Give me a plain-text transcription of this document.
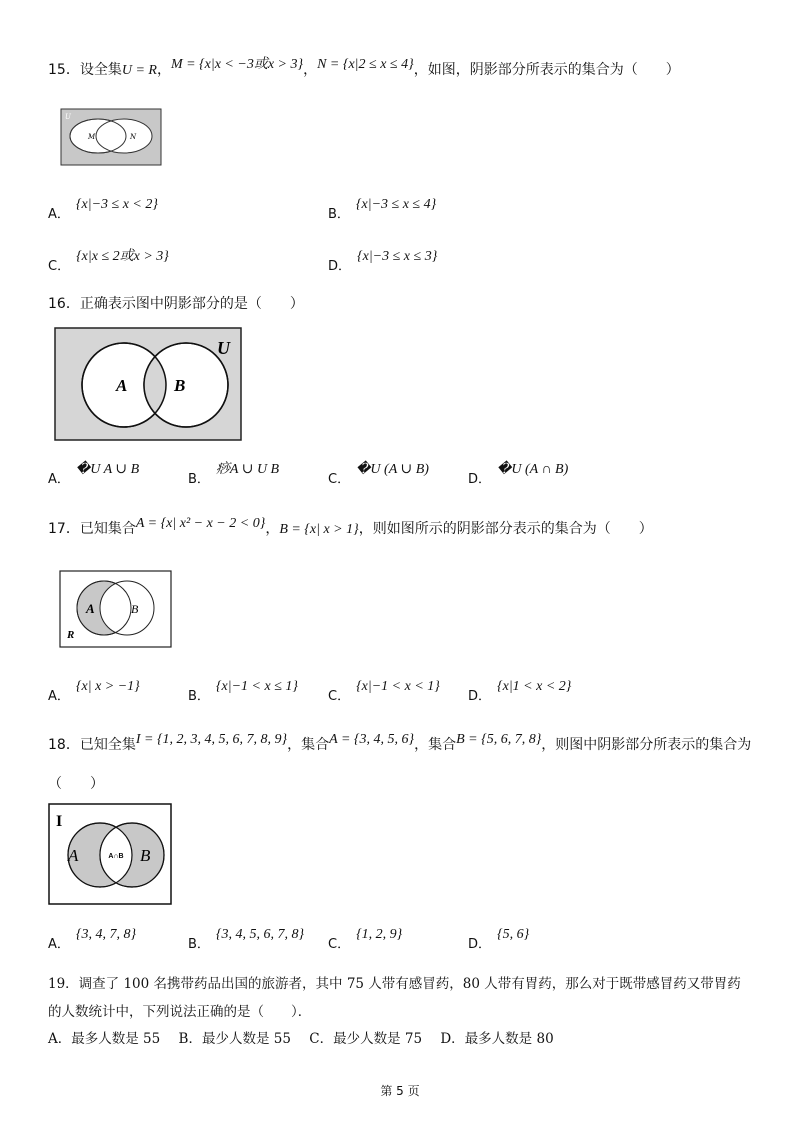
15．设全集U = R，M = {x|x < −3或x > 3}，N = {x|2 ≤ x ≤ 4}，如图，阴影部分所表示的集合为（　　）
U
M	N
A．{x|−3 ≤ x < 2}
B．{x|−3 ≤ x ≤ 4}
C．{x|x ≤ 2或x > 3}
D．{x|−3 ≤ x ≤ 3}
16．正确表示图中阴影部分的是（　　）
U
A	B
A．�U A ∪ B
B．痧A ∪ U B
C．�U (A ∪ B)
D．�U (A ∩ B)
17．已知集合A = {x| x² − x − 2 < 0}，B = {x| x > 1}，则如图所示的阴影部分表示的集合为（　　）
R
A	B
A．{x| x > −1}
B．{x|−1 < x ≤ 1}
C．{x|−1 < x < 1}
D．{x|1 < x < 2}
18．已知全集I = {1, 2, 3, 4, 5, 6, 7, 8, 9}，集合A = {3, 4, 5, 6}，集合B = {5, 6, 7, 8}，则图中阴影部分所表示的集合为
（　　）
I
A	B
A∩B
A．{3, 4, 7, 8}
B．{3, 4, 5, 6, 7, 8}
C．{1, 2, 9}
D．{5, 6}
19．调查了 100 名携带药品出国的旅游者，其中 75 人带有感冒药，80 人带有胃药，那么对于既带感冒药又带胃药
的人数统计中，下列说法正确的是（　　）．
A．最多人数是 55 B．最少人数是 55 C．最少人数是 75 D．最多人数是 80
第 5 页
